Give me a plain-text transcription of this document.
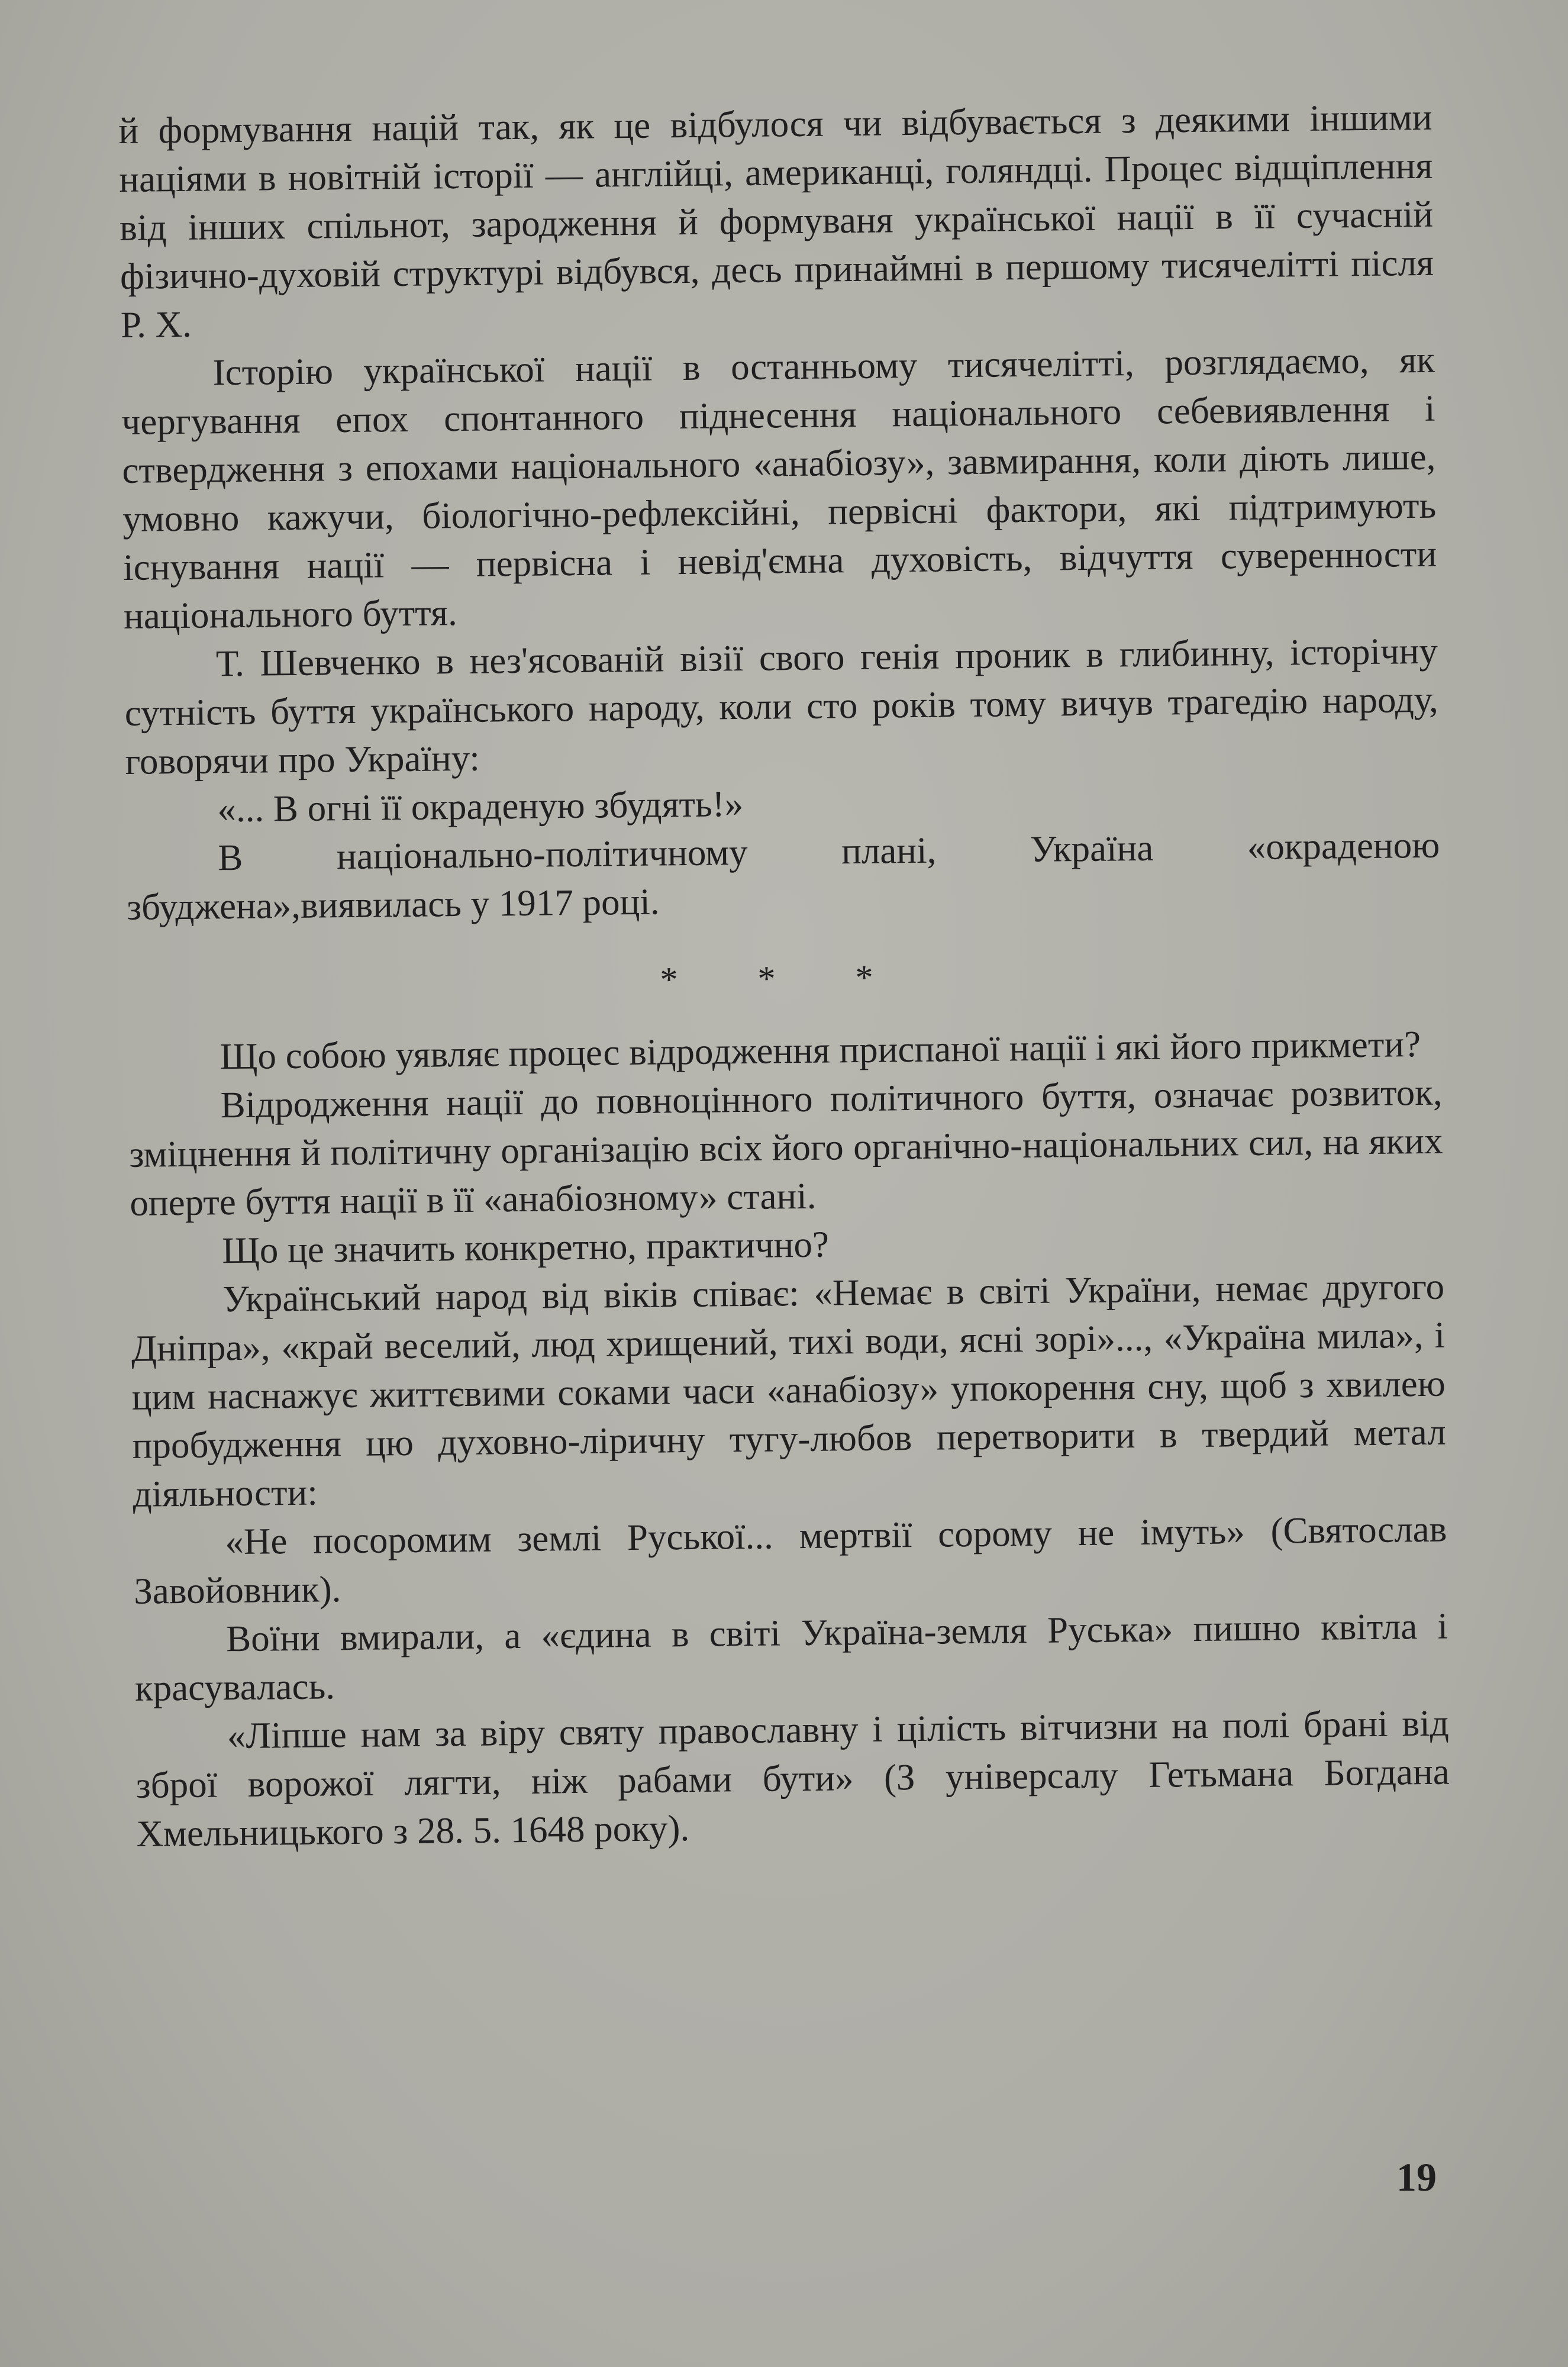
й формування націй так, як це відбулося чи відбувається з деякими іншими націями в новітній історії — англійці, американці, голяндці. Процес відщіплення від інших спільнот, зародження й формуваня української нації в її сучасній фізично-духовій структурі відбувся, десь принаймні в першому тисячелітті після Р. Х.

Історію української нації в останньому тисячелітті, розглядаємо, як чергування епох спонтанного піднесення національного себевиявлення і ствердження з епохами національного «анабіозу», завмирання, коли діють лише, умовно кажучи, біологічно-рефлексійні, первісні фактори, які підтримують існування нації — первісна і невід'ємна духовість, відчуття суверенности національного буття.

Т. Шевченко в нез'ясованій візії свого генія проник в глибинну, історічну сутність буття українського народу, коли сто років тому вичув трагедію народу, говорячи про Україну:

«... В огні її окраденую збудять!»

В національно-політичному плані, Україна «окраденою збуджена»,виявилась у 1917 році.

* * *

Що собою уявляє процес відродження приспаної нації і які його прикмети?

Відродження нації до повноцінного політичного буття, означає розвиток, зміцнення й політичну організацію всіх його органічно-національних сил, на яких оперте буття нації в її «анабіозному» стані.

Що це значить конкретно, практично?

Український народ від віків співає: «Немає в світі України, немає другого Дніпра», «край веселий, люд хрищений, тихі води, ясні зорі»..., «Україна мила», і цим наснажує життєвими соками часи «анабіозу» упокорення сну, щоб з хвилею пробудження цю духовно-ліричну тугу-любов перетворити в твердий метал діяльности:

«Не посоромим землі Руської... мертвії сорому не імуть» (Святослав Завойовник).

Воїни вмирали, а «єдина в світі Україна-земля Руська» пишно квітла і красувалась.

«Ліпше нам за віру святу православну і цілість вітчизни на полі брані від зброї ворожої лягти, ніж рабами бути» (З універсалу Гетьмана Богдана Хмельницького з 28. 5. 1648 року).

19
